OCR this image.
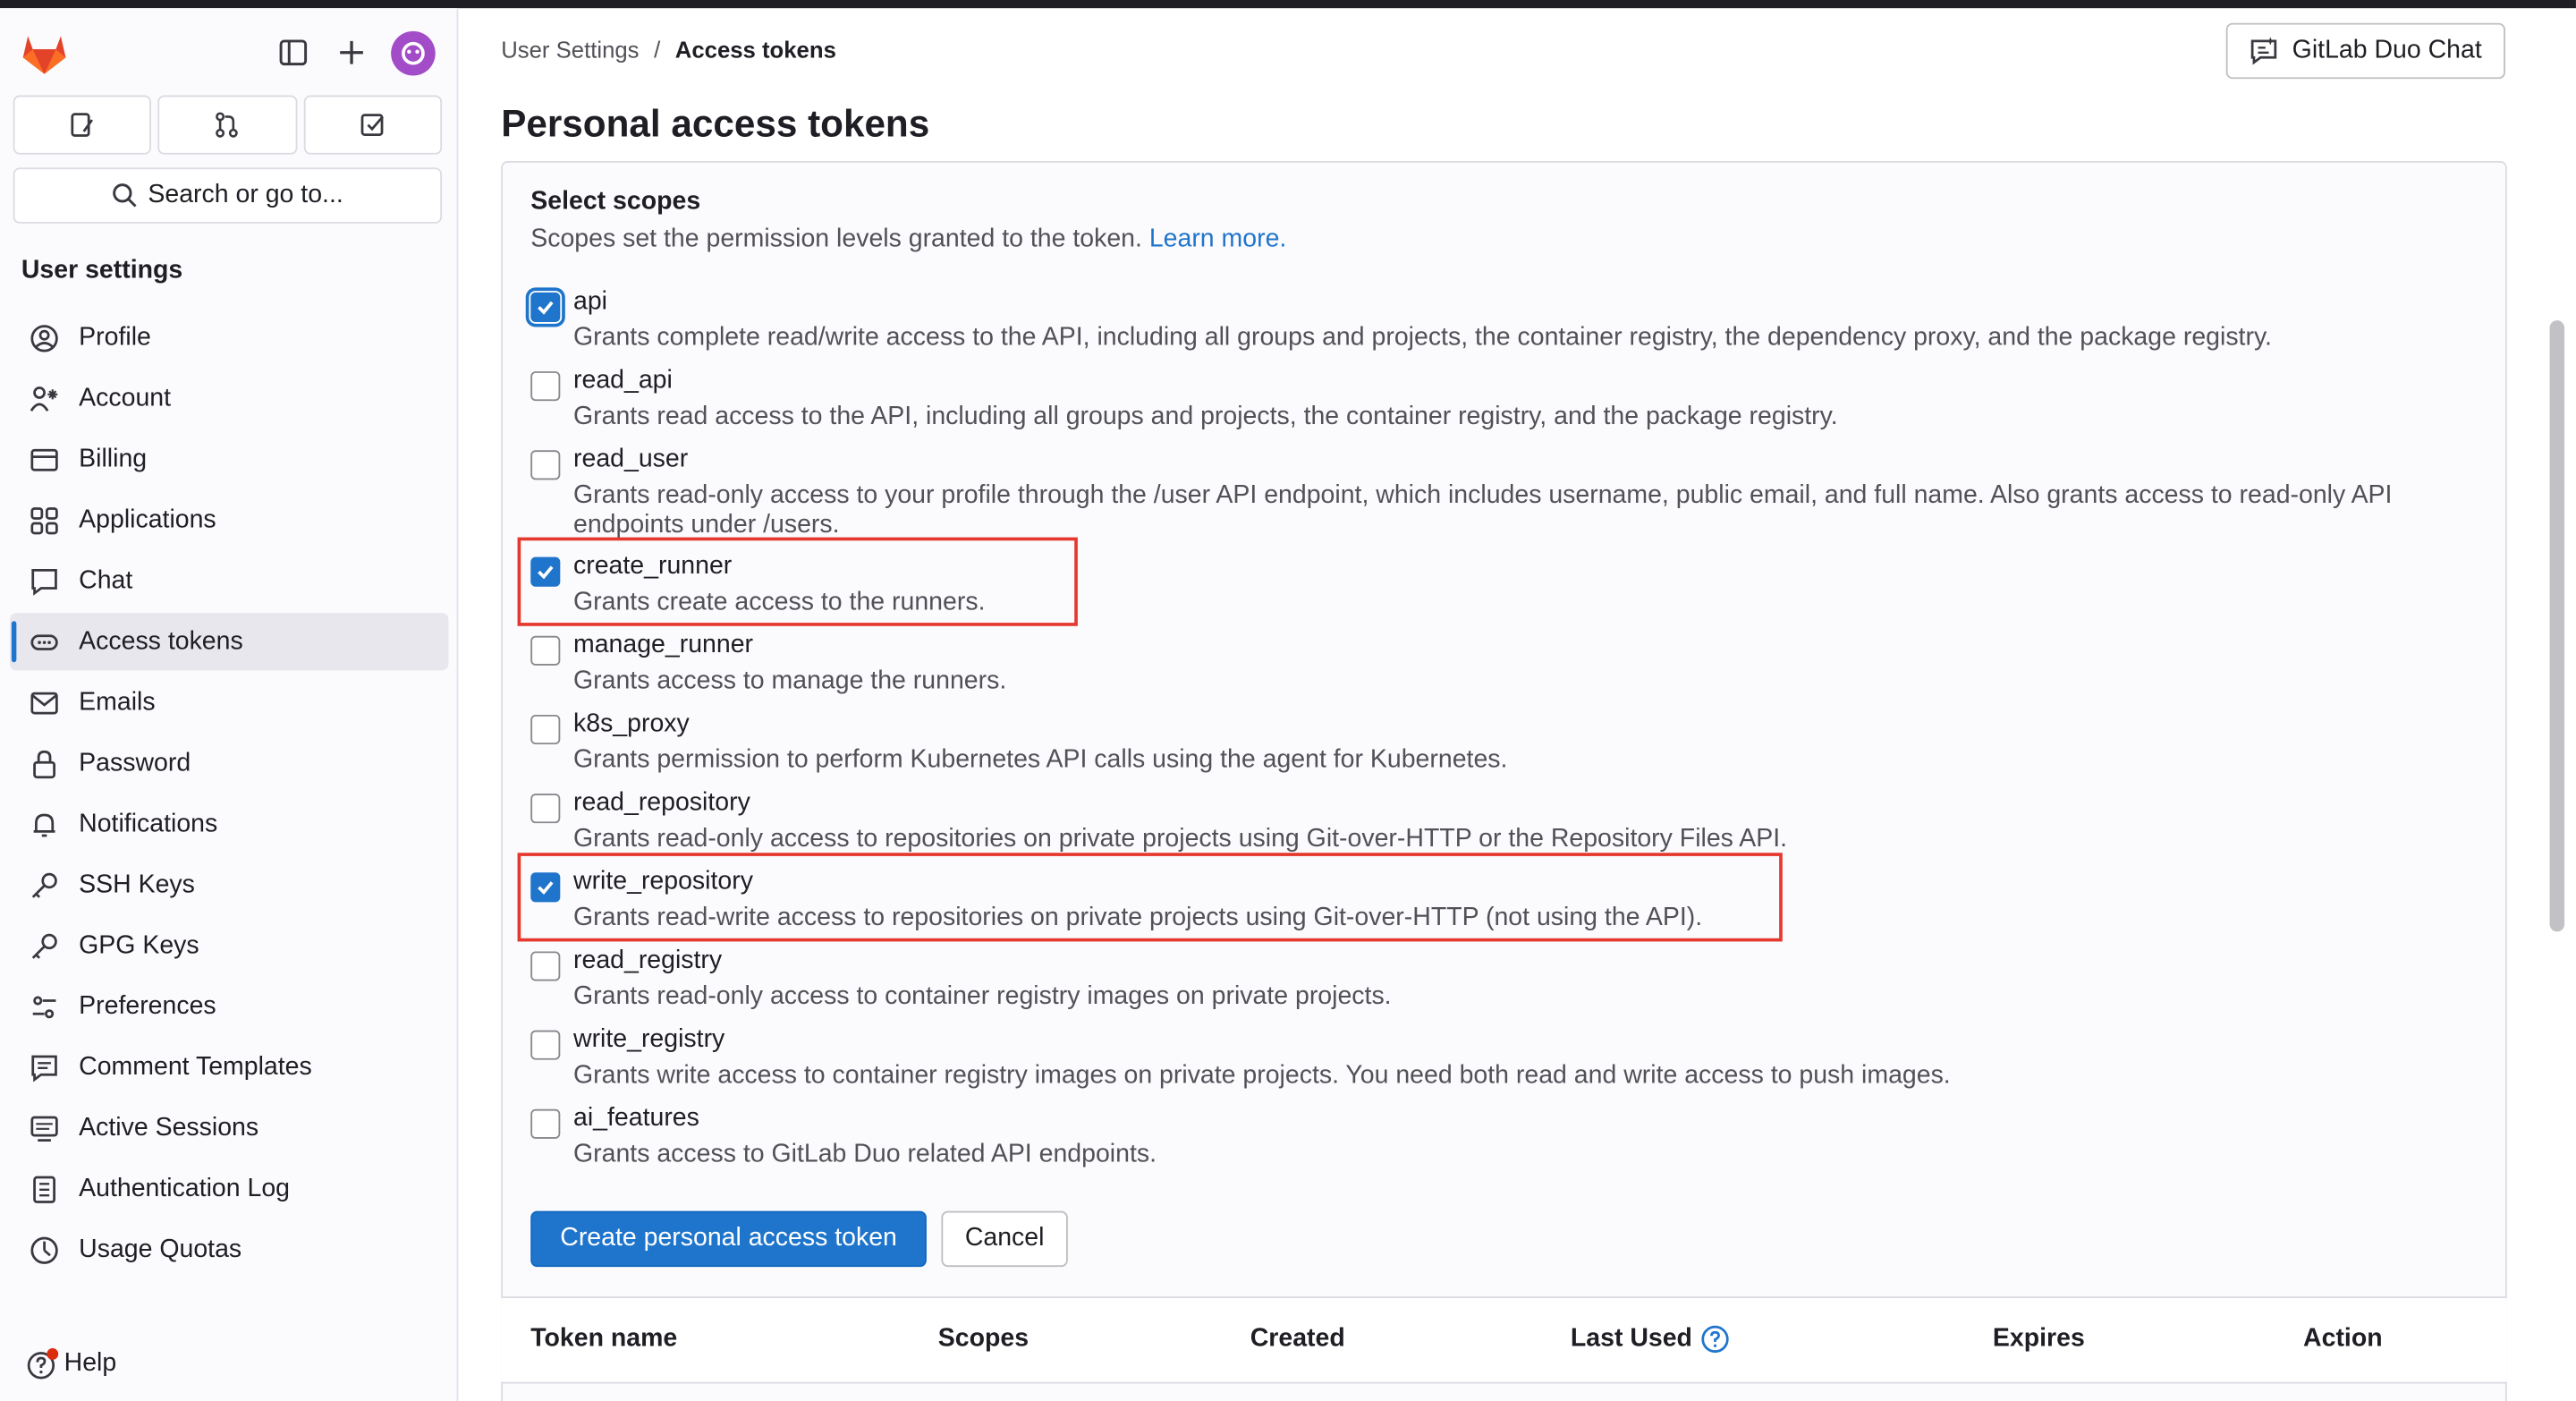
Search or go to...
User settings
Profile
Account
Billing
Applications
Chat
Access tokens
Emails
Password
Notifications
SSH Keys
GPG Keys
Preferences
Comment Templates
Active Sessions
Authentication Log
Usage Quotas
Help
User Settings / Access tokens	GitLab Duo Chat
Personal access tokens
Select scopes
Scopes set the permission levels granted to the token. Learn more.
api
Grants complete read/write access to the API, including all groups and projects, the container registry, the dependency proxy, and the package registry.
read_api
Grants read access to the API, including all groups and projects, the container registry, and the package registry.
read_user
Grants read-only access to your profile through the /user API endpoint, which includes username, public email, and full name. Also grants access to read-only API endpoints under /users.
create_runner
Grants create access to the runners.
manage_runner
Grants access to manage the runners.
k8s_proxy
Grants permission to perform Kubernetes API calls using the agent for Kubernetes.
read_repository
Grants read-only access to repositories on private projects using Git-over-HTTP or the Repository Files API.
write_repository
Grants read-write access to repositories on private projects using Git-over-HTTP (not using the API).
read_registry
Grants read-only access to container registry images on private projects.
write_registry
Grants write access to container registry images on private projects. You need both read and write access to push images.
ai_features
Grants access to GitLab Duo related API endpoints.
Create personal access token	Cancel
Token name	Scopes	Created	Last Used	Expires	Action
